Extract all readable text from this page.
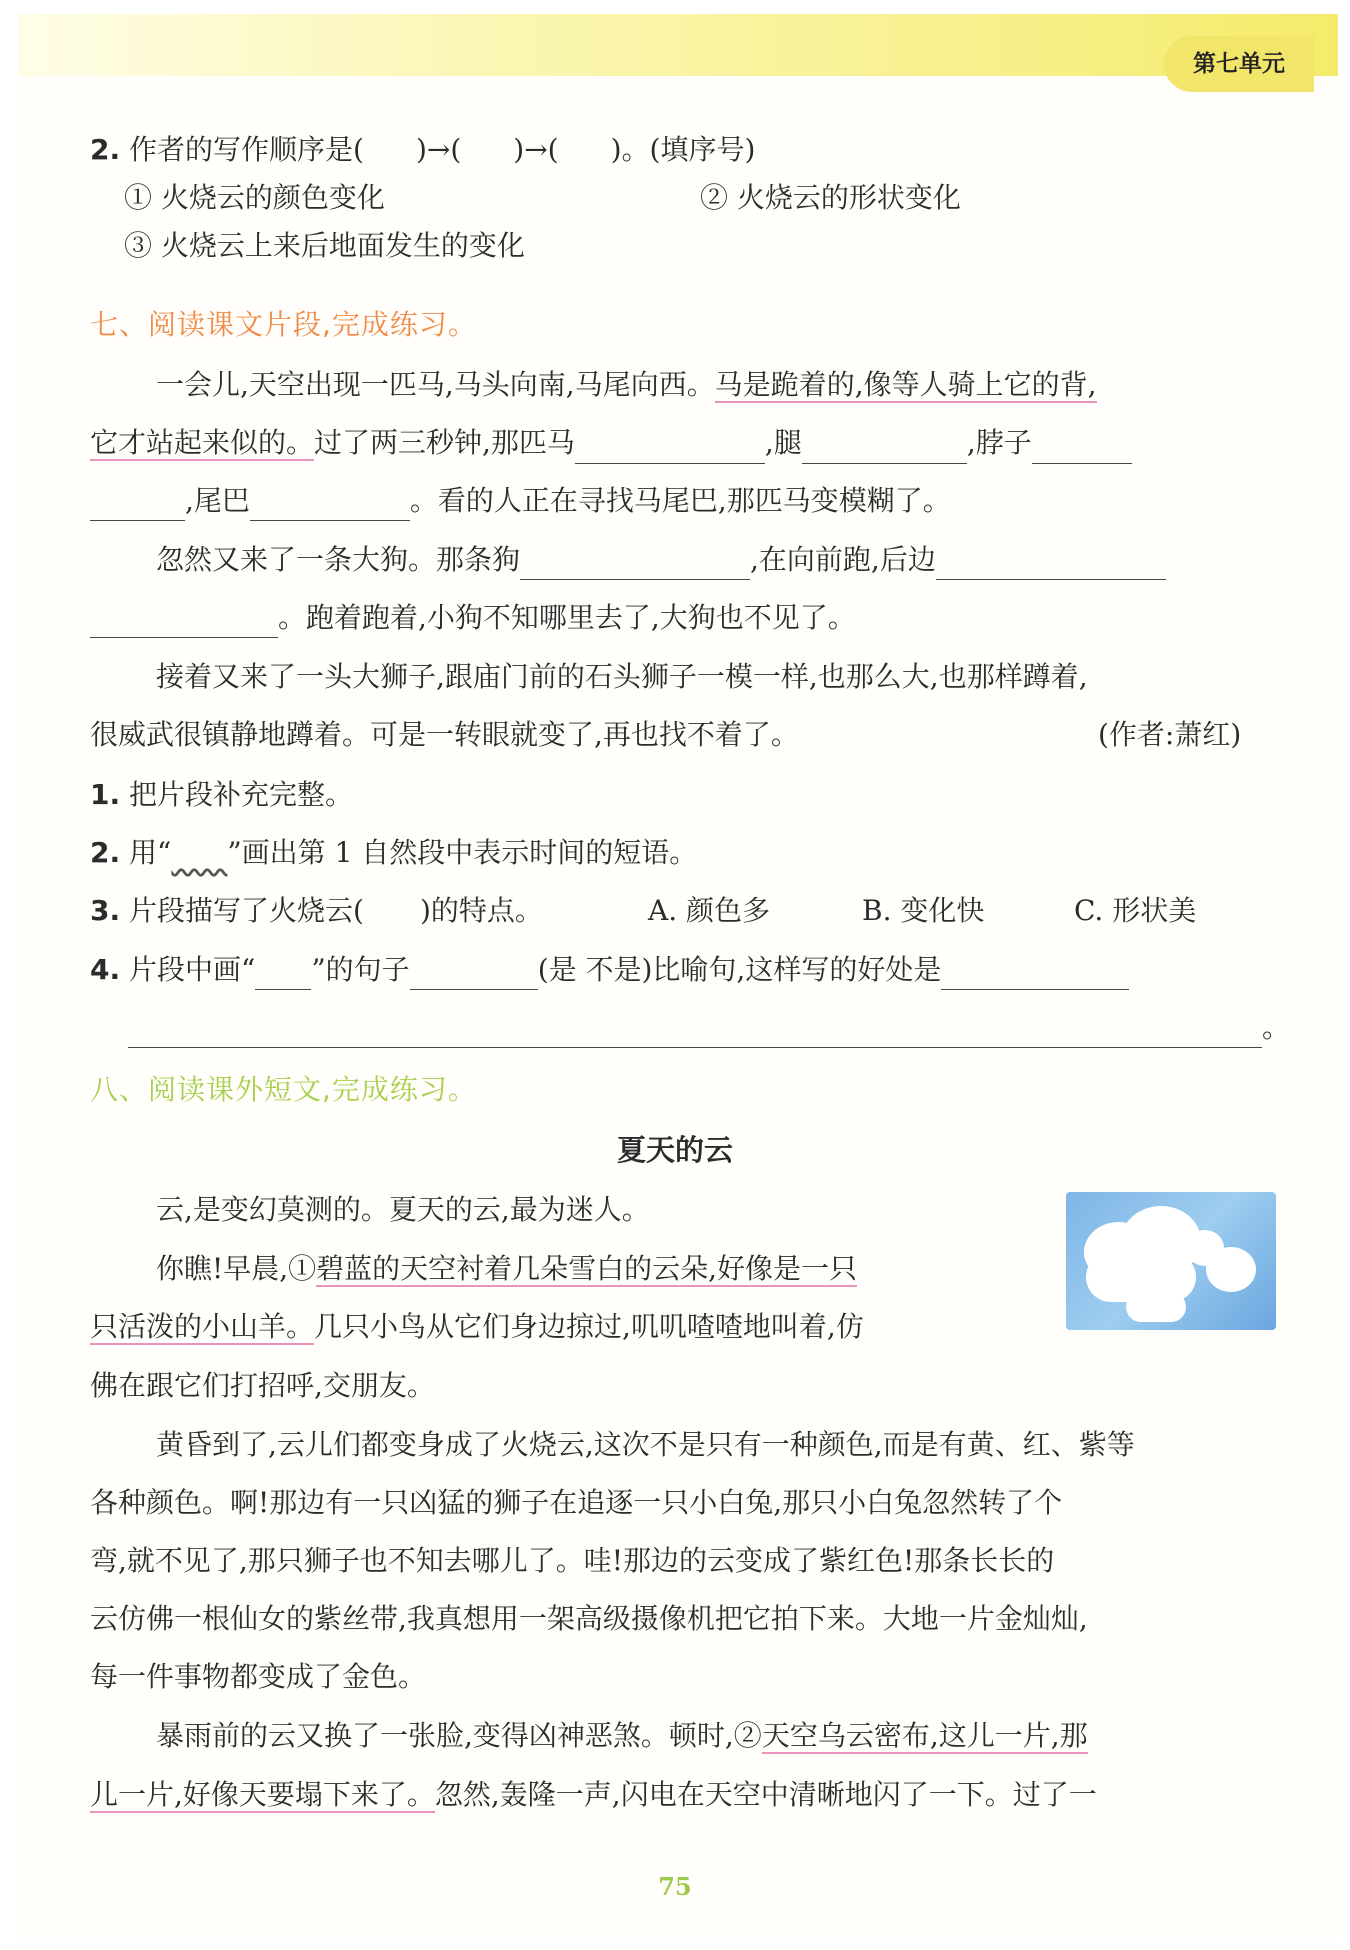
第七单元
2. 作者的写作顺序是( )→( )→( )。(填序号)
① 火烧云的颜色变化	② 火烧云的形状变化
③ 火烧云上来后地面发生的变化
七、阅读课文片段,完成练习。
一会儿,天空出现一匹马,马头向南,马尾向西。马是跪着的,像等人骑上它的背,
它才站起来似的。过了两三秒钟,那匹马	,腿	,脖子
,尾巴	。看的人正在寻找马尾巴,那匹马变模糊了。
忽然又来了一条大狗。那条狗	,在向前跑,后边
。跑着跑着,小狗不知哪里去了,大狗也不见了。
接着又来了一头大狮子,跟庙门前的石头狮子一模一样,也那么大,也那样蹲着,
很威武很镇静地蹲着。可是一转眼就变了,再也找不着了。	(作者:萧红)
1. 把片段补充完整。
2. 用“   ”画出第 1 自然段中表示时间的短语。
3. 片段描写了火烧云( )的特点。	A. 颜色多	B. 变化快	C. 形状美
4. 片段中画“ ”的句子	(是 不是)比喻句,这样写的好处是
。
八、阅读课外短文,完成练习。
夏天的云
云,是变幻莫测的。夏天的云,最为迷人。
你瞧!早晨,①碧蓝的天空衬着几朵雪白的云朵,好像是一只
只活泼的小山羊。几只小鸟从它们身边掠过,叽叽喳喳地叫着,仿
佛在跟它们打招呼,交朋友。
黄昏到了,云儿们都变身成了火烧云,这次不是只有一种颜色,而是有黄、红、紫等
各种颜色。啊!那边有一只凶猛的狮子在追逐一只小白兔,那只小白兔忽然转了个
弯,就不见了,那只狮子也不知去哪儿了。哇!那边的云变成了紫红色!那条长长的
云仿佛一根仙女的紫丝带,我真想用一架高级摄像机把它拍下来。大地一片金灿灿,
每一件事物都变成了金色。
暴雨前的云又换了一张脸,变得凶神恶煞。顿时,②天空乌云密布,这儿一片,那
儿一片,好像天要塌下来了。忽然,轰隆一声,闪电在天空中清晰地闪了一下。过了一
75
